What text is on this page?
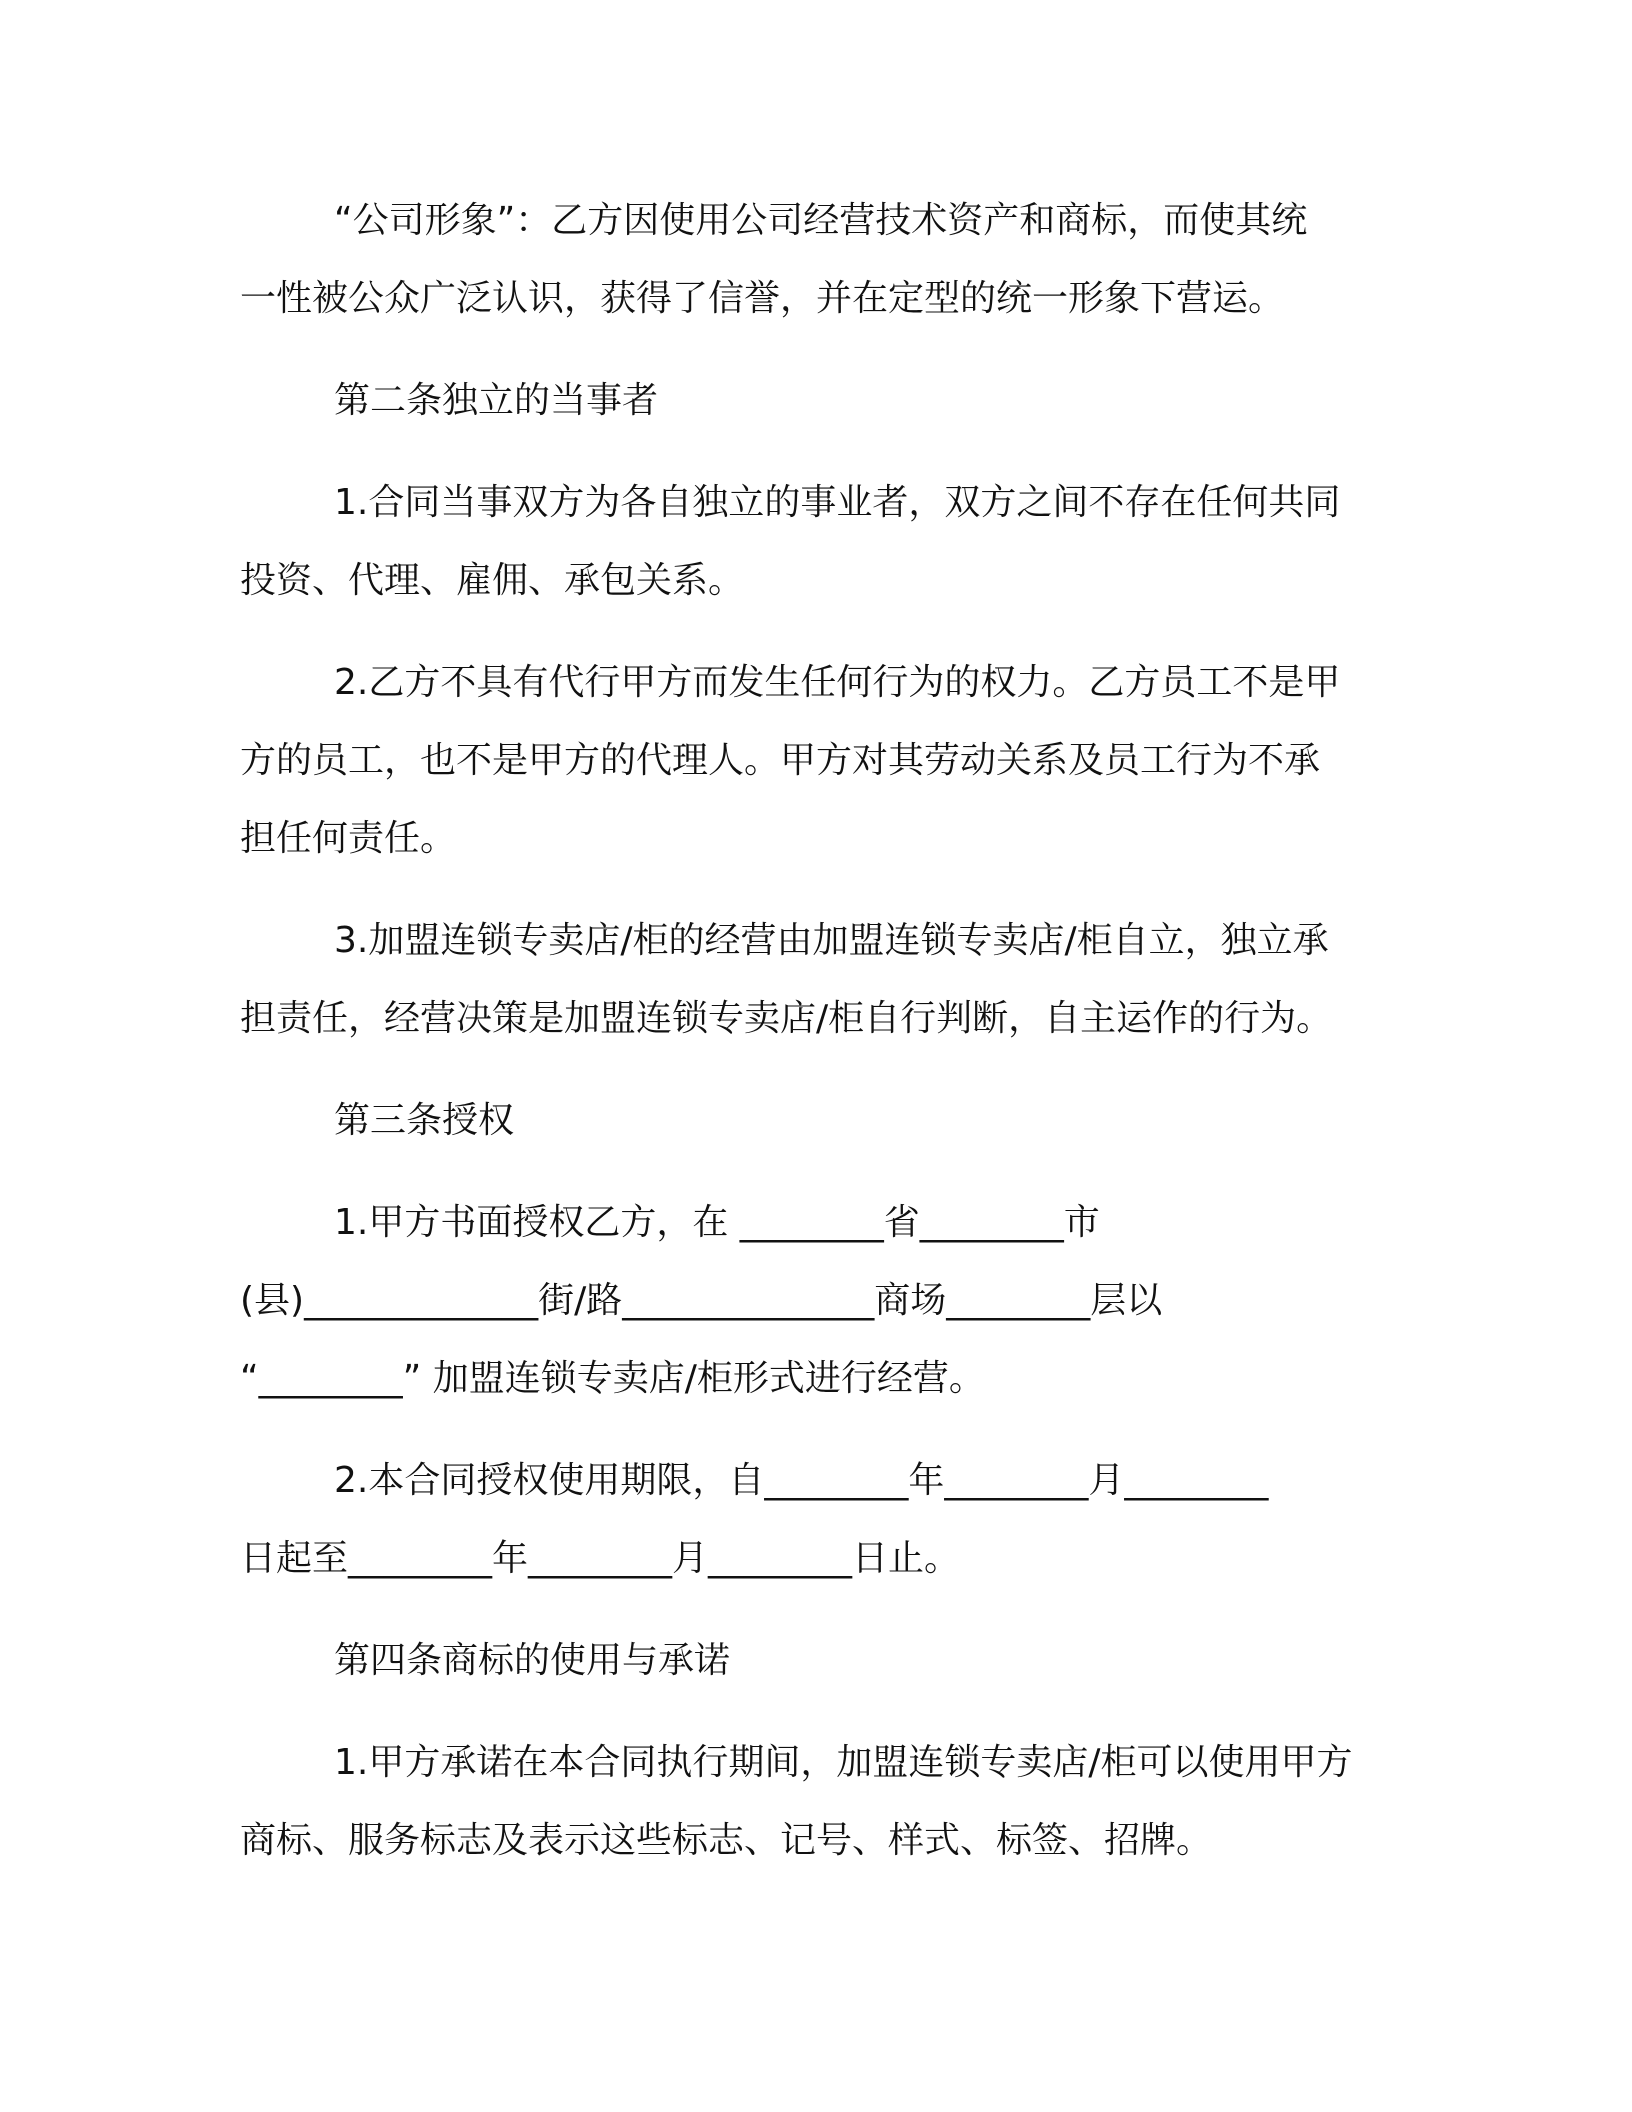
“公司形象”：乙方因使用公司经营技术资产和商标，而使其统
一性被公众广泛认识，获得了信誉，并在定型的统一形象下营运。

第二条独立的当事者

1.合同当事双方为各自独立的事业者，双方之间不存在任何共同
投资、代理、雇佣、承包关系。
2.乙方不具有代行甲方而发生任何行为的权力。乙方员工不是甲
方的员工，也不是甲方的代理人。甲方对其劳动关系及员工行为不承
担任何责任。
3.加盟连锁专卖店/柜的经营由加盟连锁专卖店/柜自立，独立承
担责任，经营决策是加盟连锁专卖店/柜自行判断，自主运作的行为。

第三条授权

1.甲方书面授权乙方，在 ________省________市
(县)_____________街/路______________商场________层以
“________” 加盟连锁专卖店/柜形式进行经营。
2.本合同授权使用期限，自________年________月________
日起至________年________月________日止。

第四条商标的使用与承诺

1.甲方承诺在本合同执行期间，加盟连锁专卖店/柜可以使用甲方
商标、服务标志及表示这些标志、记号、样式、标签、招牌。
